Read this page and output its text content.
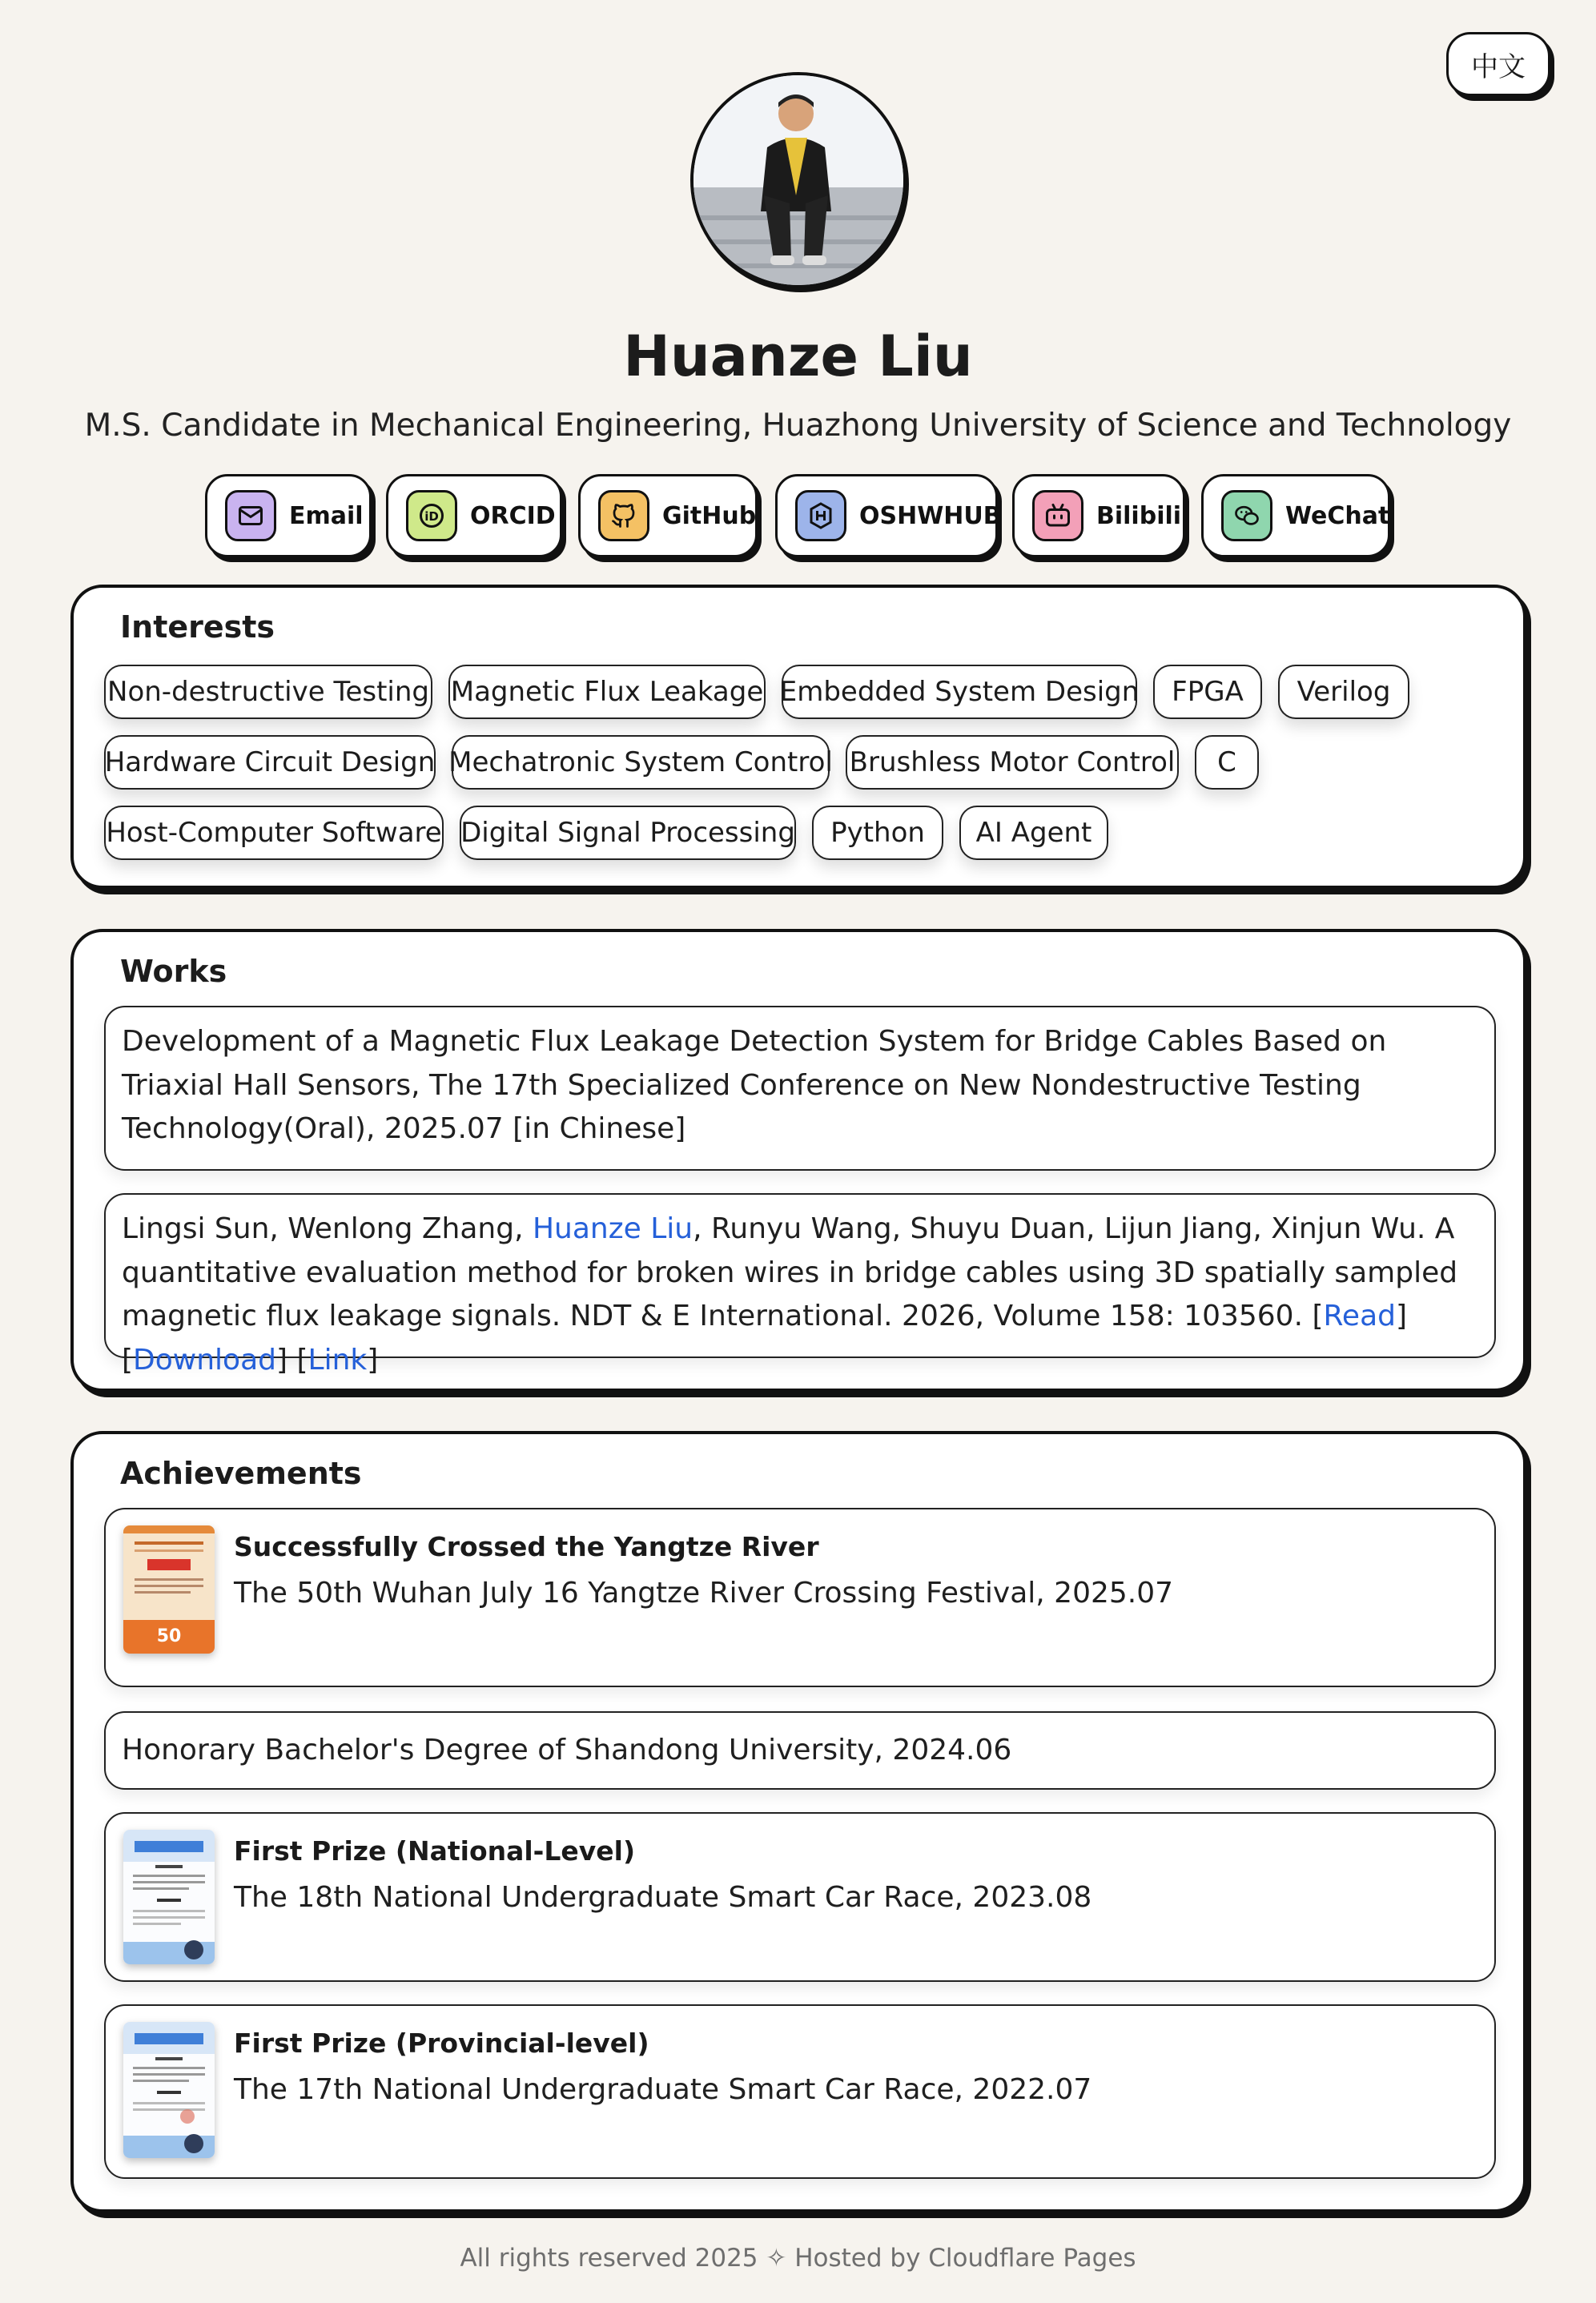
中文
Huanze Liu
M.S. Candidate in Mechanical Engineering, Huazhong University of Science and Technology
Email	iD ORCID	GitHub	OSHWHUB	Bilibili	WeChat
Interests
Non-destructive Testing Magnetic Flux Leakage Embedded System Design	FPGA	Verilog
Hardware Circuit Design Mechatronic System Control Brushless Motor Control	C
Host-Computer Software Digital Signal Processing	Python	AI Agent
Works
Development of a Magnetic Flux Leakage Detection System for Bridge Cables Based on Triaxial Hall Sensors, The 17th Specialized Conference on New Nondestructive Testing Technology(Oral), 2025.07 [in Chinese]
Lingsi Sun, Wenlong Zhang, Huanze Liu, Runyu Wang, Shuyu Duan, Lijun Jiang, Xinjun Wu. A quantitative evaluation method for broken wires in bridge cables using 3D spatially sampled magnetic flux leakage signals. NDT & E International. 2026, Volume 158: 103560. [Read] [Download] [Link]
Achievements
50
Successfully Crossed the Yangtze River
The 50th Wuhan July 16 Yangtze River Crossing Festival, 2025.07
Honorary Bachelor's Degree of Shandong University, 2024.06
First Prize (National-Level)
The 18th National Undergraduate Smart Car Race, 2023.08
First Prize (Provincial-level)
The 17th National Undergraduate Smart Car Race, 2022.07
All rights reserved 2025 ✧ Hosted by Cloudflare Pages
